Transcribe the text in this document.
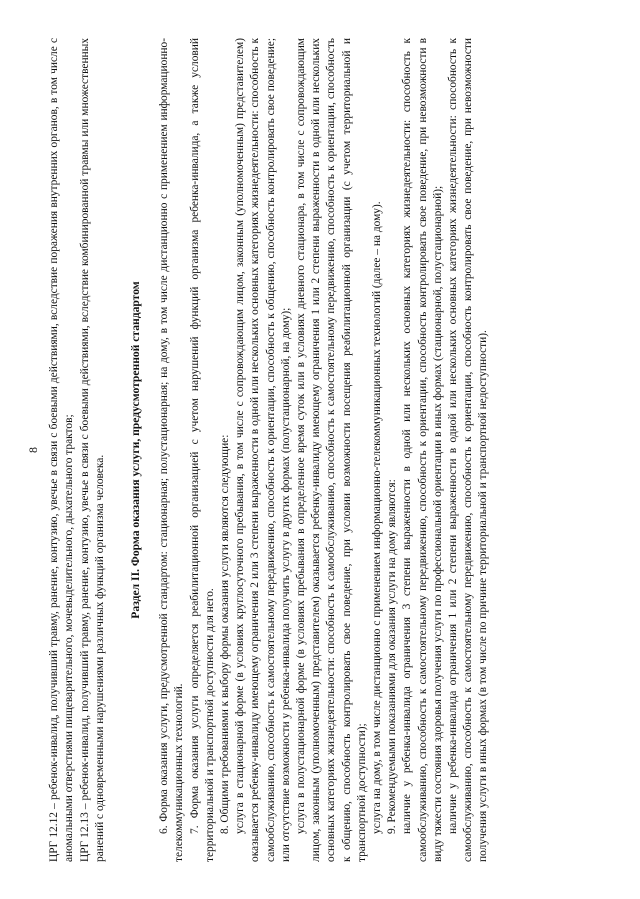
8 ЦРГ 12.12 – ребенок-инвалид, получивший травму, ранение, контузию, увечье в связи с боевыми действиями, вследствие поражения внутренних органов, в том числе с аномальными отверстиями пищеварительного, мочевыделительного, дыхательного трактов; ЦРГ 12.13 – ребенок-инвалид, получивший травму, ранение, контузию, увечье в связи с боевыми действиями, вследствие комбинированной травмы или множественных ранений с одновременными нарушениями различных функций организма человека.

Раздел II. Форма оказания услуги, предусмотренной стандартом 6. Форма оказания услуги, предусмотренной стандартом: стационарная; полустационарная; на дому, в том числе дистанционно с применением информационно-телекоммуникационных технологий. 7. Форма оказания услуги определяется реабилитационной организацией с учетом нарушений функций организма ребенка-инвалида, а также условий территориальной и транспортной доступности для него. 8. Общими требованиями к выбору формы оказания услуги являются следующие: услуга в стационарной форме (в условиях круглосуточного пребывания, в том числе с сопровождающим лицом, законным (уполномоченным) представителем) оказывается ребенку-инвалиду имеющему ограничения 2 или 3 степени выраженности в одной или нескольких основных категориях жизнедеятельности: способность к самообслуживанию, способность к самостоятельному передвижению, способность к ориентации, способность к общению, способность контролировать свое поведение; или отсутствие возможности у ребенка-инвалида получить услугу в других формах (полустационарной, на дому); услуга в полустационарной форме (в условиях пребывания в определенное время суток или в условиях дневного стационара, в том числе с сопровождающим лицом, законным (уполномоченным) представителем) оказывается ребенку-инвалиду имеющему ограничения 1 или 2 степени выраженности в одной или нескольких основных категориях жизнедеятельности: способность к самообслуживанию, способность к самостоятельному передвижению, способность к ориентации, способность к общению, способность контролировать свое поведение, при условии возможности посещения реабилитационной организации (с учетом территориальной и транспортной доступности); услуга на дому, в том числе дистанционно с применением информационно-телекоммуникационных технологий (далее – на дому). 9. Рекомендуемыми показаниями для оказания услуги на дому являются: наличие у ребенка-инвалида ограничения 3 степени выраженности в одной или нескольких основных категориях жизнедеятельности: способность к самообслуживанию, способность к самостоятельному передвижению, способность к ориентации, способность контролировать свое поведение, при невозможности в виду тяжести состояния здоровья получения услуги по профессиональной ориентации в иных формах (стационарной, полустационарной); наличие у ребенка-инвалида ограничения 1 или 2 степени выраженности в одной или нескольких основных категориях жизнедеятельности: способность к самообслуживанию, способность к самостоятельному передвижению, способность к ориентации, способность контролировать свое поведение, при невозможности получения услуги в иных формах (в том числе по причине территориальной и транспортной недоступности).
